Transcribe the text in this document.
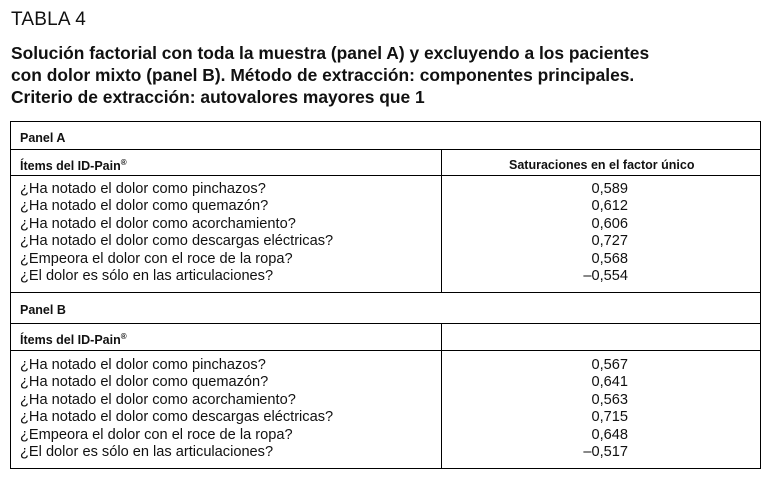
TABLA 4
Solución factorial con toda la muestra (panel A) y excluyendo a los pacientes
con dolor mixto (panel B). Método de extracción: componentes principales.
Criterio de extracción: autovalores mayores que 1
Panel A
Ítems del ID-Pain®	Saturaciones en el factor único
¿Ha notado el dolor como pinchazos?	0,589
¿Ha notado el dolor como quemazón?	0,612
¿Ha notado el dolor como acorchamiento?	0,606
¿Ha notado el dolor como descargas eléctricas?	0,727
¿Empeora el dolor con el roce de la ropa?	0,568
¿El dolor es sólo en las articulaciones?	–0,554
Panel B
Ítems del ID-Pain®
¿Ha notado el dolor como pinchazos?	0,567
¿Ha notado el dolor como quemazón?	0,641
¿Ha notado el dolor como acorchamiento?	0,563
¿Ha notado el dolor como descargas eléctricas?	0,715
¿Empeora el dolor con el roce de la ropa?	0,648
¿El dolor es sólo en las articulaciones?	–0,517
